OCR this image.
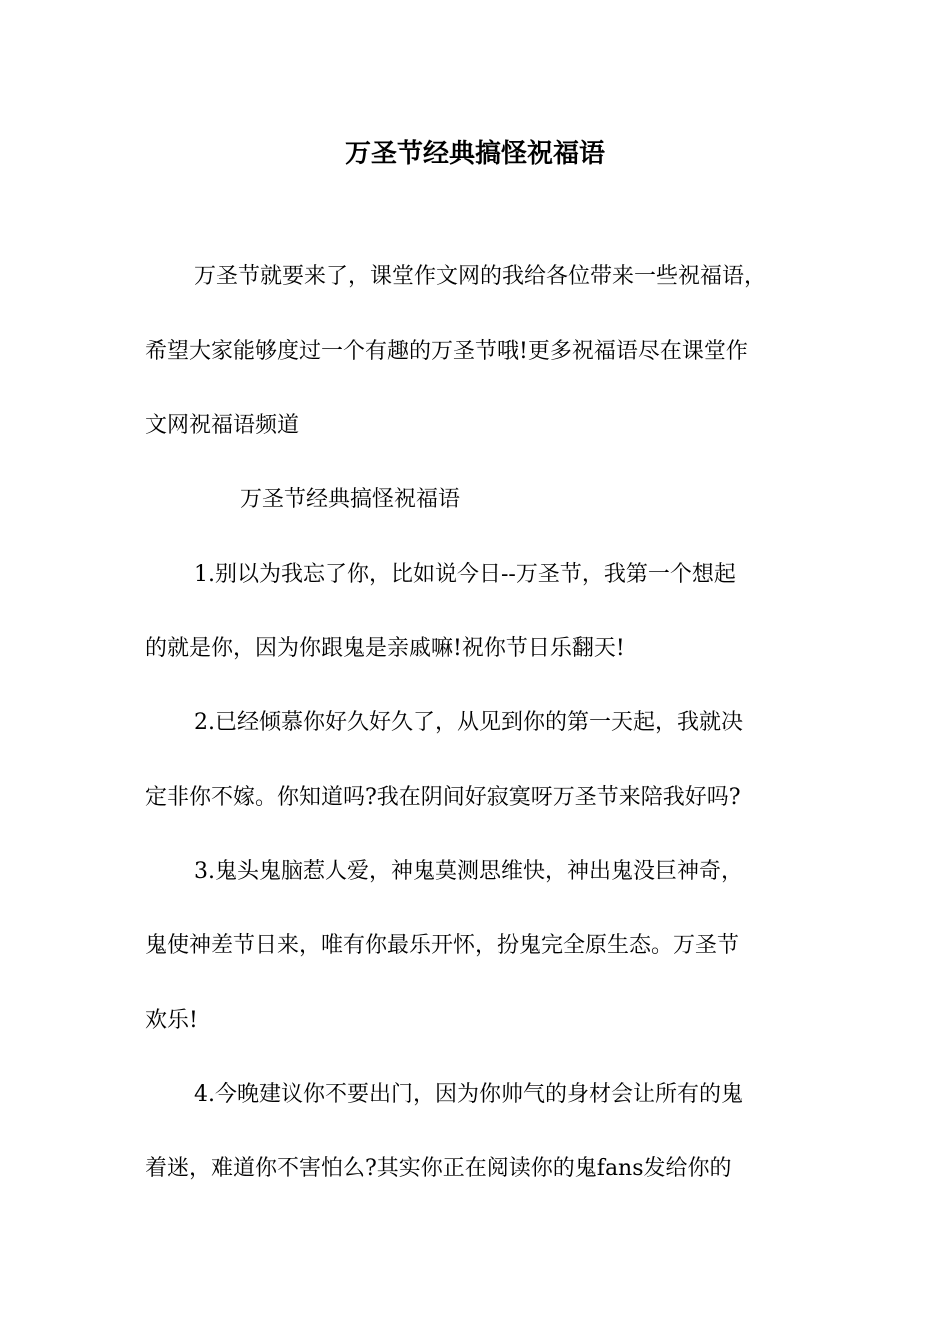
万圣节经典搞怪祝福语
万圣节就要来了，课堂作文网的我给各位带来一些祝福语，
希望大家能够度过一个有趣的万圣节哦!更多祝福语尽在课堂作
文网祝福语频道
万圣节经典搞怪祝福语
1.别以为我忘了你，比如说今日--万圣节，我第一个想起
的就是你，因为你跟鬼是亲戚嘛!祝你节日乐翻天!
2.已经倾慕你好久好久了，从见到你的第一天起，我就决
定非你不嫁。你知道吗?我在阴间好寂寞呀万圣节来陪我好吗?
3.鬼头鬼脑惹人爱，神鬼莫测思维快，神出鬼没巨神奇，
鬼使神差节日来，唯有你最乐开怀，扮鬼完全原生态。万圣节
欢乐!
4.今晚建议你不要出门，因为你帅气的身材会让所有的鬼
着迷，难道你不害怕么?其实你正在阅读你的鬼fans发给你的
